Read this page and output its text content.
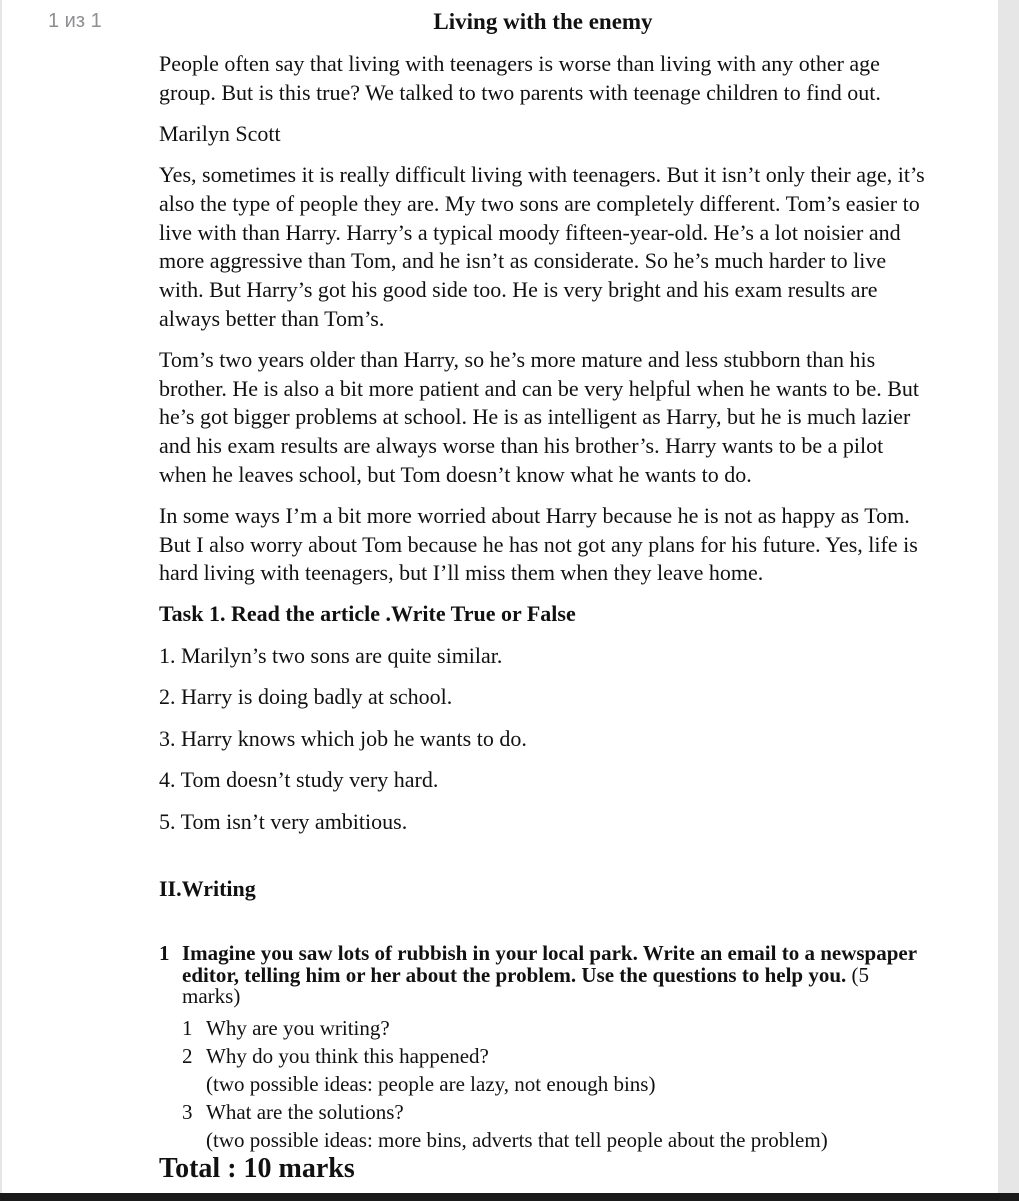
1 из 1	Living with the enemy

People often say that living with teenagers is worse than living with any other age group. But is this true? We talked to two parents with teenage children to find out.

Marilyn Scott

Yes, sometimes it is really difficult living with teenagers. But it isn’t only their age, it’s also the type of people they are. My two sons are completely different. Tom’s easier to live with than Harry. Harry’s a typical moody fifteen-year-old. He’s a lot noisier and more aggressive than Tom, and he isn’t as considerate. So he’s much harder to live with. But Harry’s got his good side too. He is very bright and his exam results are always better than Tom’s.

Tom’s two years older than Harry, so he’s more mature and less stubborn than his brother. He is also a bit more patient and can be very helpful when he wants to be. But he’s got bigger problems at school. He is as intelligent as Harry, but he is much lazier and his exam results are always worse than his brother’s. Harry wants to be a pilot when he leaves school, but Tom doesn’t know what he wants to do.

In some ways I’m a bit more worried about Harry because he is not as happy as Tom. But I also worry about Tom because he has not got any plans for his future. Yes, life is hard living with teenagers, but I’ll miss them when they leave home.

Task 1. Read the article .Write True or False
1. Marilyn’s two sons are quite similar.
2. Harry is doing badly at school.
3. Harry knows which job he wants to do.
4. Tom doesn’t study very hard.
5. Tom isn’t very ambitious.
II.Writing
1 Imagine you saw lots of rubbish in your local park. Write an email to a newspaper editor, telling him or her about the problem. Use the questions to help you. (5 marks)
1 Why are you writing?
2 Why do you think this happened?
(two possible ideas: people are lazy, not enough bins)
3 What are the solutions?
(two possible ideas: more bins, adverts that tell people about the problem)
Total : 10 marks
